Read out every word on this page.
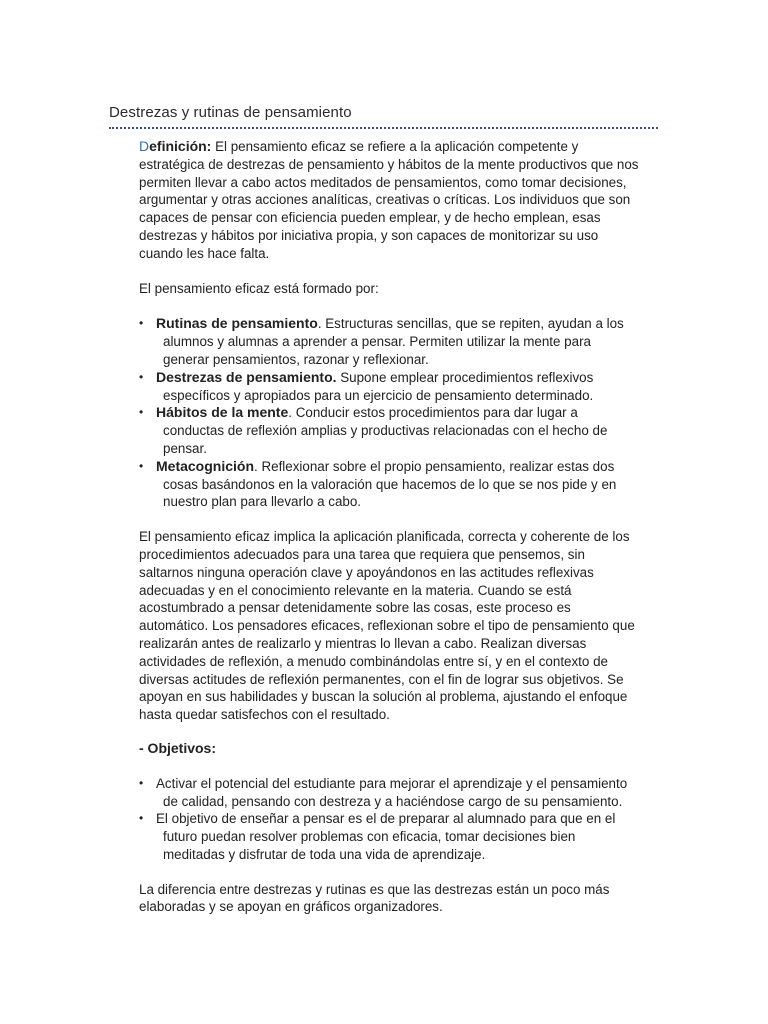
Destrezas y rutinas de pensamiento

Definición: El pensamiento eficaz se refiere a la aplicación competente y estratégica de destrezas de pensamiento y hábitos de la mente productivos que nos permiten llevar a cabo actos meditados de pensamientos, como tomar decisiones, argumentar y otras acciones analíticas, creativas o críticas. Los individuos que son capaces de pensar con eficiencia pueden emplear, y de hecho emplean, esas destrezas y hábitos por iniciativa propia, y son capaces de monitorizar su uso cuando les hace falta.

El pensamiento eficaz está formado por:

• Rutinas de pensamiento. Estructuras sencillas, que se repiten, ayudan a los alumnos y alumnas a aprender a pensar. Permiten utilizar la mente para generar pensamientos, razonar y reflexionar.
• Destrezas de pensamiento. Supone emplear procedimientos reflexivos específicos y apropiados para un ejercicio de pensamiento determinado.
• Hábitos de la mente. Conducir estos procedimientos para dar lugar a conductas de reflexión amplias y productivas relacionadas con el hecho de pensar.
• Metacognición. Reflexionar sobre el propio pensamiento, realizar estas dos cosas basándonos en la valoración que hacemos de lo que se nos pide y en nuestro plan para llevarlo a cabo.

El pensamiento eficaz implica la aplicación planificada, correcta y coherente de los procedimientos adecuados para una tarea que requiera que pensemos, sin saltarnos ninguna operación clave y apoyándonos en las actitudes reflexivas adecuadas y en el conocimiento relevante en la materia. Cuando se está acostumbrado a pensar detenidamente sobre las cosas, este proceso es automático. Los pensadores eficaces, reflexionan sobre el tipo de pensamiento que realizarán antes de realizarlo y mientras lo llevan a cabo. Realizan diversas actividades de reflexión, a menudo combinándolas entre sí, y en el contexto de diversas actitudes de reflexión permanentes, con el fin de lograr sus objetivos. Se apoyan en sus habilidades y buscan la solución al problema, ajustando el enfoque hasta quedar satisfechos con el resultado.

- Objetivos:

• Activar el potencial del estudiante para mejorar el aprendizaje y el pensamiento de calidad, pensando con destreza y a haciéndose cargo de su pensamiento.
• El objetivo de enseñar a pensar es el de preparar al alumnado para que en el futuro puedan resolver problemas con eficacia, tomar decisiones bien meditadas y disfrutar de toda una vida de aprendizaje.

La diferencia entre destrezas y rutinas es que las destrezas están un poco más elaboradas y se apoyan en gráficos organizadores.
